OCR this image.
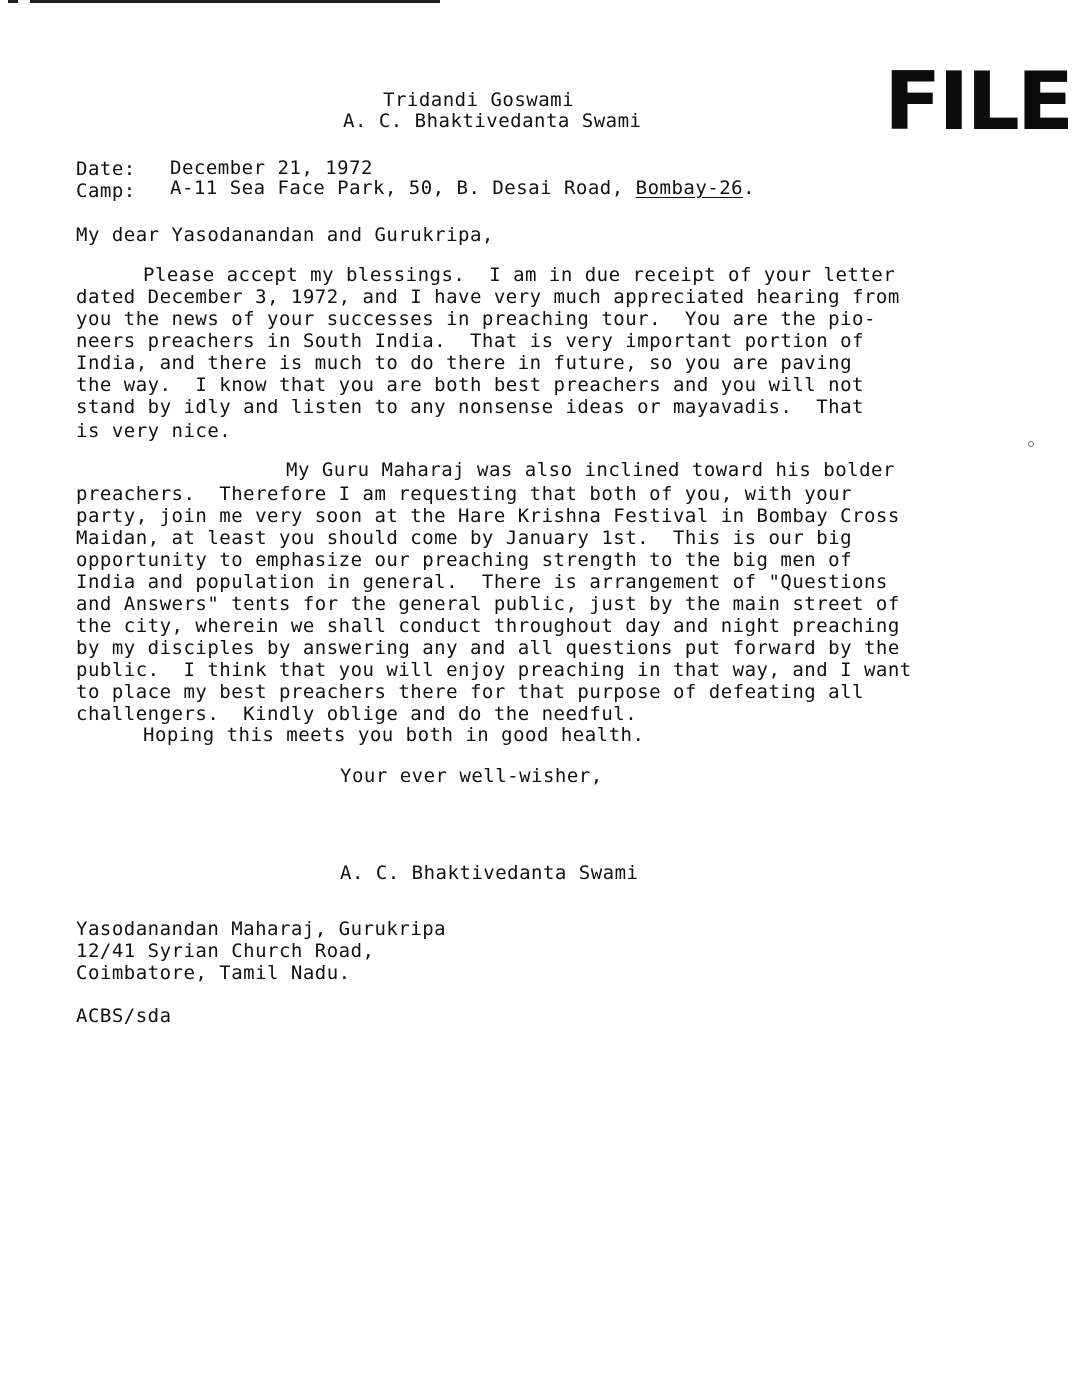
Tridandi Goswami
A. C. Bhaktivedanta Swami	FILE
Date: December 21, 1972
Camp: A-11 Sea Face Park, 50, B. Desai Road, Bombay-26.
My dear Yasodanandan and Gurukripa,
Please accept my blessings.  I am in due receipt of your letter
dated December 3, 1972, and I have very much appreciated hearing from
you the news of your successes in preaching tour.  You are the pio-
neers preachers in South India.  That is very important portion of
India, and there is much to do there in future, so you are paving
the way.  I know that you are both best preachers and you will not
stand by idly and listen to any nonsense ideas or mayavadis.  That
is very nice.
My Guru Maharaj was also inclined toward his bolder
preachers.  Therefore I am requesting that both of you, with your
party, join me very soon at the Hare Krishna Festival in Bombay Cross
Maidan, at least you should come by January 1st.  This is our big
opportunity to emphasize our preaching strength to the big men of
India and population in general.  There is arrangement of "Questions
and Answers" tents for the general public, just by the main street of
the city, wherein we shall conduct throughout day and night preaching
by my disciples by answering any and all questions put forward by the
public.  I think that you will enjoy preaching in that way, and I want
to place my best preachers there for that purpose of defeating all
challengers.  Kindly oblige and do the needful.
Hoping this meets you both in good health.
Your ever well-wisher,
A. C. Bhaktivedanta Swami
Yasodanandan Maharaj, Gurukripa
12/41 Syrian Church Road,
Coimbatore, Tamil Nadu.
ACBS/sda
